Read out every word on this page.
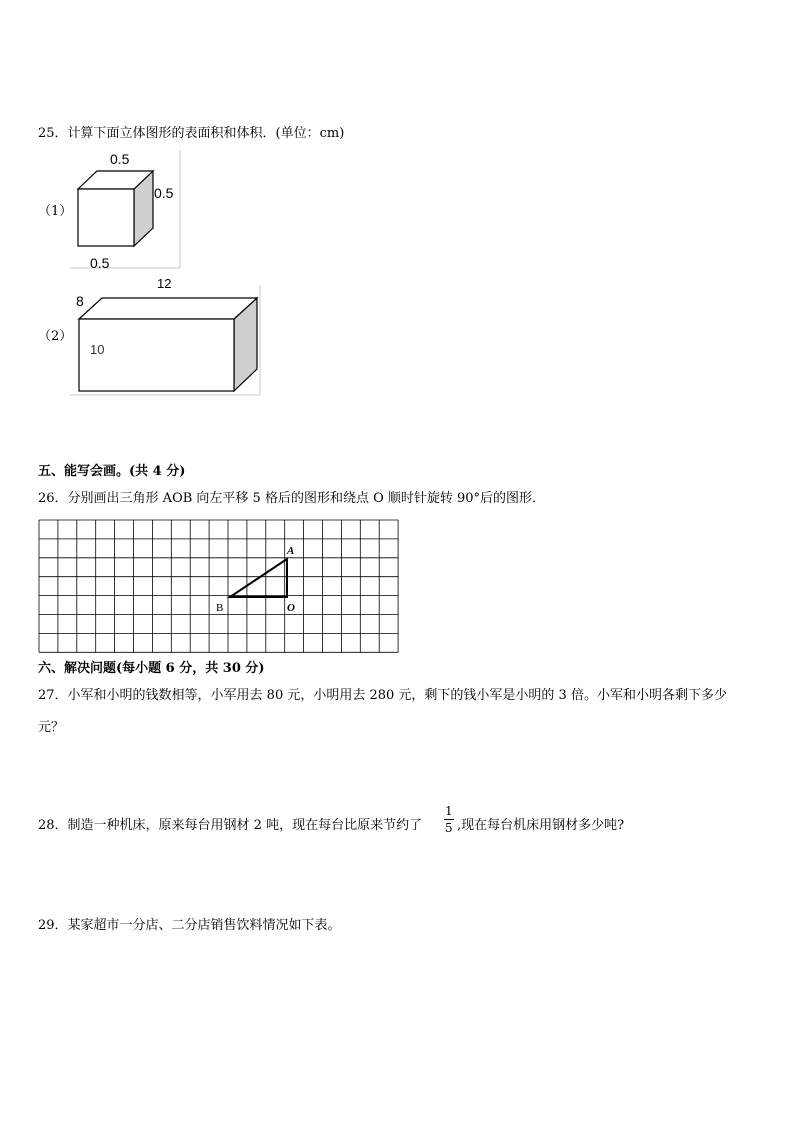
25．计算下面立体图形的表面积和体积．(单位：cm)
0.5
0.5
0.5
（1）
12
8
10
（2）
五、能写会画。(共 4 分)
26．分别画出三角形 AOB 向左平移 5 格后的图形和绕点 O 顺时针旋转 90°后的图形．
A
B	O
六、解决问题(每小题 6 分，共 30 分)
27．小军和小明的钱数相等，小军用去 80 元，小明用去 280 元，剩下的钱小军是小明的 3 倍。小军和小明各剩下多少
元？
28．制造一种机床，原来每台用钢材 2 吨，现在每台比原来节约了 $\frac{1}{5}$ ,现在每台机床用钢材多少吨?
29．某家超市一分店、二分店销售饮料情况如下表。
